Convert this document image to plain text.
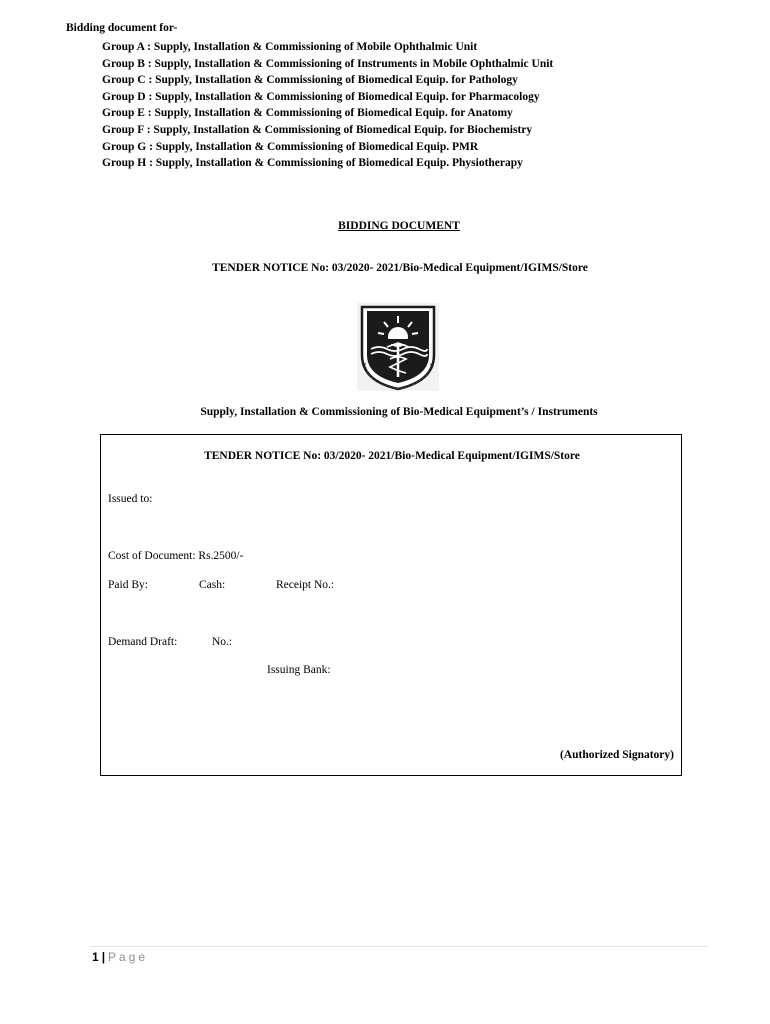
Bidding document for-
Group A : Supply, Installation & Commissioning of Mobile Ophthalmic Unit
Group B : Supply, Installation & Commissioning of Instruments in Mobile Ophthalmic Unit
Group C : Supply, Installation & Commissioning of Biomedical Equip. for Pathology
Group D : Supply, Installation & Commissioning of Biomedical Equip. for Pharmacology
Group E : Supply, Installation & Commissioning of Biomedical Equip. for Anatomy
Group F : Supply, Installation & Commissioning of Biomedical Equip. for Biochemistry
Group G : Supply, Installation & Commissioning of Biomedical Equip. PMR
Group H : Supply, Installation & Commissioning of Biomedical Equip. Physiotherapy
BIDDING DOCUMENT
TENDER NOTICE No: 03/2020- 2021/Bio-Medical Equipment/IGIMS/Store
Supply, Installation & Commissioning of Bio-Medical Equipment’s / Instruments
TENDER NOTICE No: 03/2020- 2021/Bio-Medical Equipment/IGIMS/Store
Issued to:
Cost of Document: Rs.2500/-
Paid By:	Cash:	Receipt No.:
Demand Draft:	No.:
Issuing Bank:
(Authorized Signatory)
1 | Page
